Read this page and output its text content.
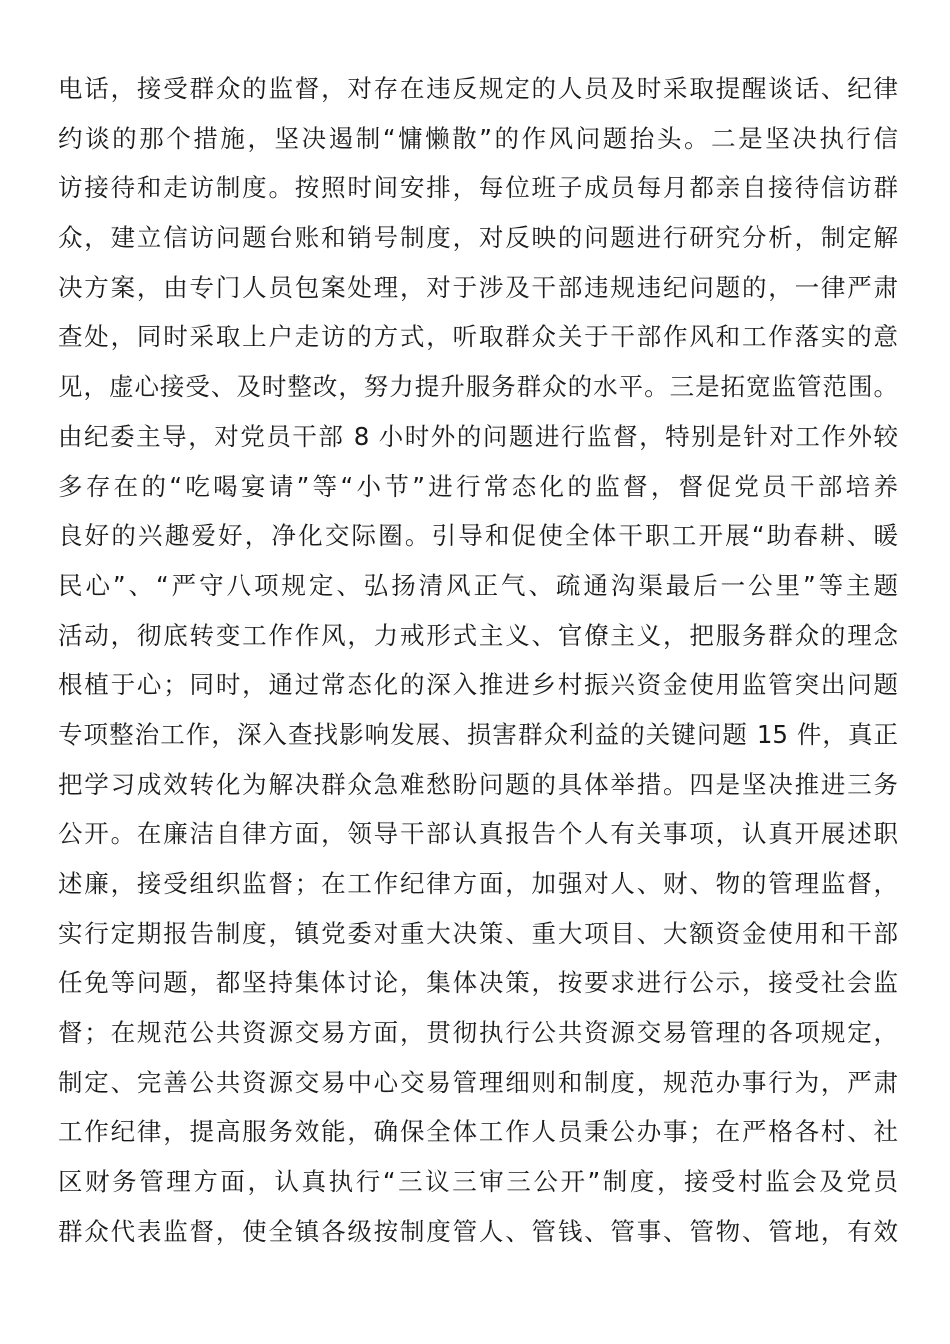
电话，接受群众的监督，对存在违反规定的人员及时采取提醒谈话、纪律
约谈的那个措施，坚决遏制“慵懒散”的作风问题抬头。二是坚决执行信
访接待和走访制度。按照时间安排，每位班子成员每月都亲自接待信访群
众，建立信访问题台账和销号制度，对反映的问题进行研究分析，制定解
决方案，由专门人员包案处理，对于涉及干部违规违纪问题的，一律严肃
查处，同时采取上户走访的方式，听取群众关于干部作风和工作落实的意
见，虚心接受、及时整改，努力提升服务群众的水平。三是拓宽监管范围。
由纪委主导，对党员干部 8 小时外的问题进行监督，特别是针对工作外较
多存在的“吃喝宴请”等“小节”进行常态化的监督，督促党员干部培养
良好的兴趣爱好，净化交际圈。引导和促使全体干职工开展“助春耕、暖
民心”、“严守八项规定、弘扬清风正气、疏通沟渠最后一公里”等主题
活动，彻底转变工作作风，力戒形式主义、官僚主义，把服务群众的理念
根植于心；同时，通过常态化的深入推进乡村振兴资金使用监管突出问题
专项整治工作，深入查找影响发展、损害群众利益的关键问题 15 件，真正
把学习成效转化为解决群众急难愁盼问题的具体举措。四是坚决推进三务
公开。在廉洁自律方面，领导干部认真报告个人有关事项，认真开展述职
述廉，接受组织监督；在工作纪律方面，加强对人、财、物的管理监督，
实行定期报告制度，镇党委对重大决策、重大项目、大额资金使用和干部
任免等问题，都坚持集体讨论，集体决策，按要求进行公示，接受社会监
督；在规范公共资源交易方面，贯彻执行公共资源交易管理的各项规定，
制定、完善公共资源交易中心交易管理细则和制度，规范办事行为，严肃
工作纪律，提高服务效能，确保全体工作人员秉公办事；在严格各村、社
区财务管理方面，认真执行“三议三审三公开”制度，接受村监会及党员
群众代表监督，使全镇各级按制度管人、管钱、管事、管物、管地，有效
